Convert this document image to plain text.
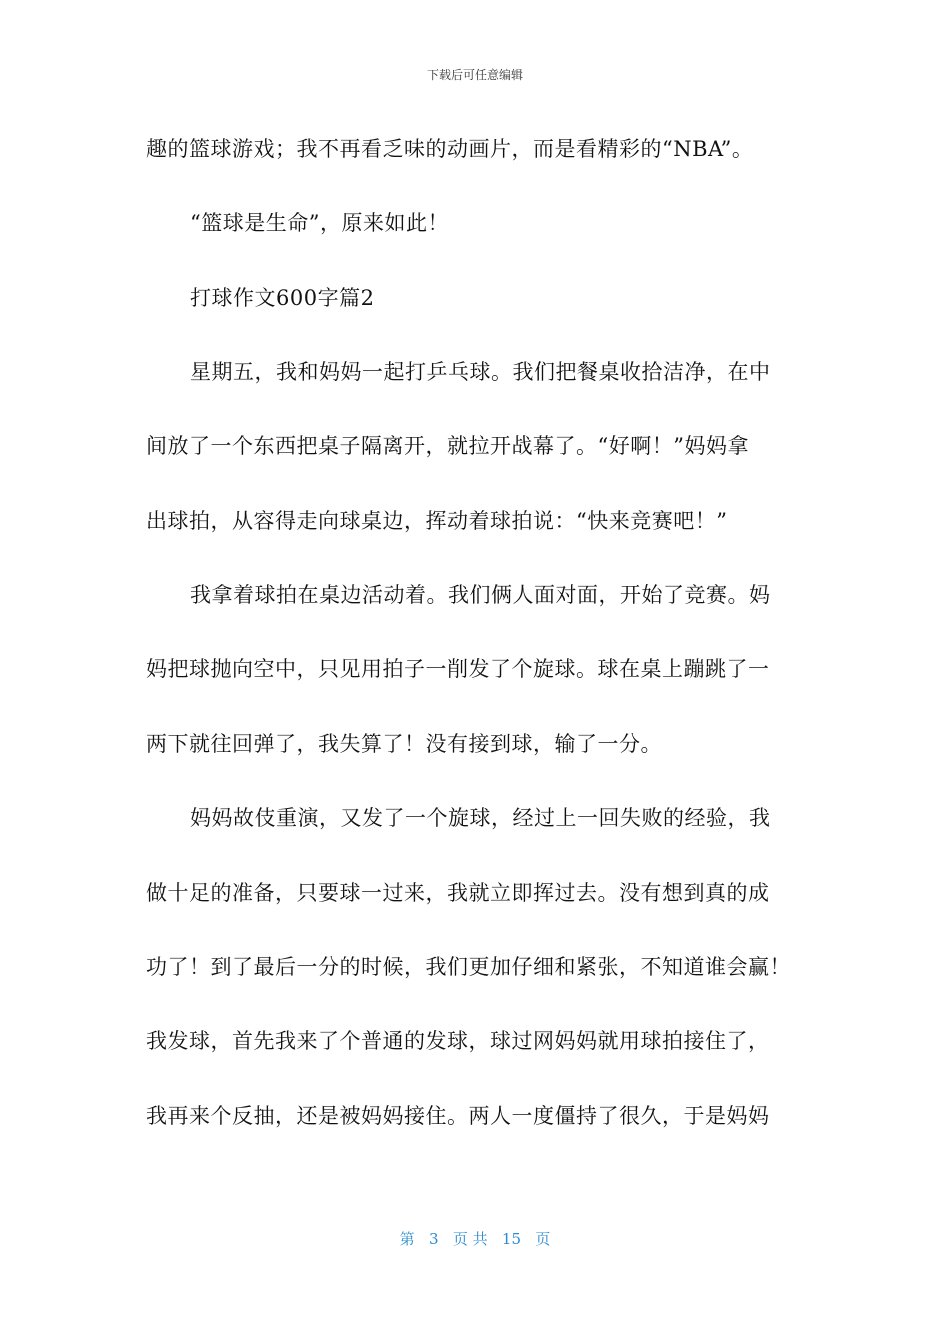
下载后可任意编辑
趣的篮球游戏；我不再看乏味的动画片，而是看精彩的“NBA”。
“篮球是生命”，原来如此！
打球作文600字篇2
星期五，我和妈妈一起打乒乓球。我们把餐桌收拾洁净，在中
间放了一个东西把桌子隔离开，就拉开战幕了。“好啊！”妈妈拿
出球拍，从容得走向球桌边，挥动着球拍说：“快来竞赛吧！”
我拿着球拍在桌边活动着。我们俩人面对面，开始了竞赛。妈
妈把球抛向空中，只见用拍子一削发了个旋球。球在桌上蹦跳了一
两下就往回弹了，我失算了！没有接到球，输了一分。
妈妈故伎重演，又发了一个旋球，经过上一回失败的经验，我
做十足的准备，只要球一过来，我就立即挥过去。没有想到真的成
功了！到了最后一分的时候，我们更加仔细和紧张，不知道谁会赢！
我发球，首先我来了个普通的发球，球过网妈妈就用球拍接住了，
我再来个反抽，还是被妈妈接住。两人一度僵持了很久，于是妈妈
第 3 页 共 15 页
